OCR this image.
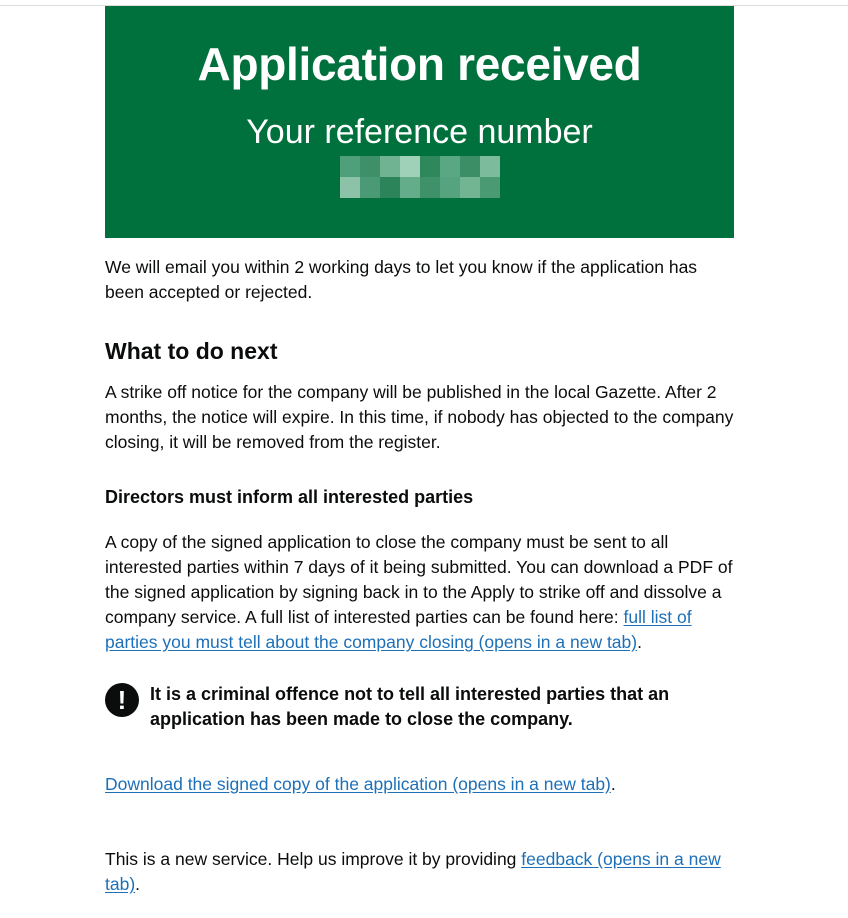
Application received
Your reference number

We will email you within 2 working days to let you know if the application has been accepted or rejected.

What to do next

A strike off notice for the company will be published in the local Gazette. After 2 months, the notice will expire. In this time, if nobody has objected to the company closing, it will be removed from the register.

Directors must inform all interested parties

A copy of the signed application to close the company must be sent to all interested parties within 7 days of it being submitted. You can download a PDF of the signed application by signing back in to the Apply to strike off and dissolve a company service. A full list of interested parties can be found here: full list of parties you must tell about the company closing (opens in a new tab).

!	It is a criminal offence not to tell all interested parties that an application has been made to close the company.

Download the signed copy of the application (opens in a new tab).

This is a new service. Help us improve it by providing feedback (opens in a new tab).
